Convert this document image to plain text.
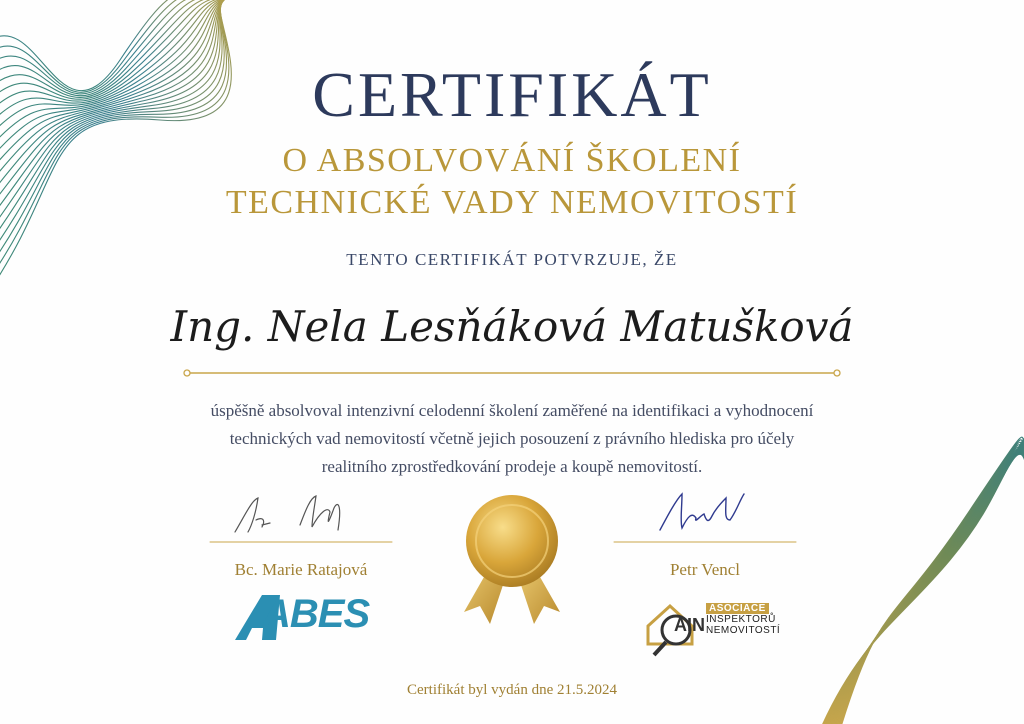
CERTIFIKÁT
O ABSOLVOVÁNÍ ŠKOLENÍ
TECHNICKÉ VADY NEMOVITOSTÍ
TENTO CERTIFIKÁT POTVRZUJE, ŽE
Ing. Nela Lesňáková Matušková
úspěšně absolvoval intenzivní celodenní školení zaměřené na identifikaci a vyhodnocení
technických vad nemovitostí včetně jejich posouzení z právního hlediska pro účely
realitního zprostředkování prodeje a koupě nemovitostí.
Bc. Marie Ratajová	Petr Vencl
ABES	ASOCIACE
INSPEKTORŮ
NEMOVITOSTÍ
AIN
Certifikát byl vydán dne 21.5.2024
